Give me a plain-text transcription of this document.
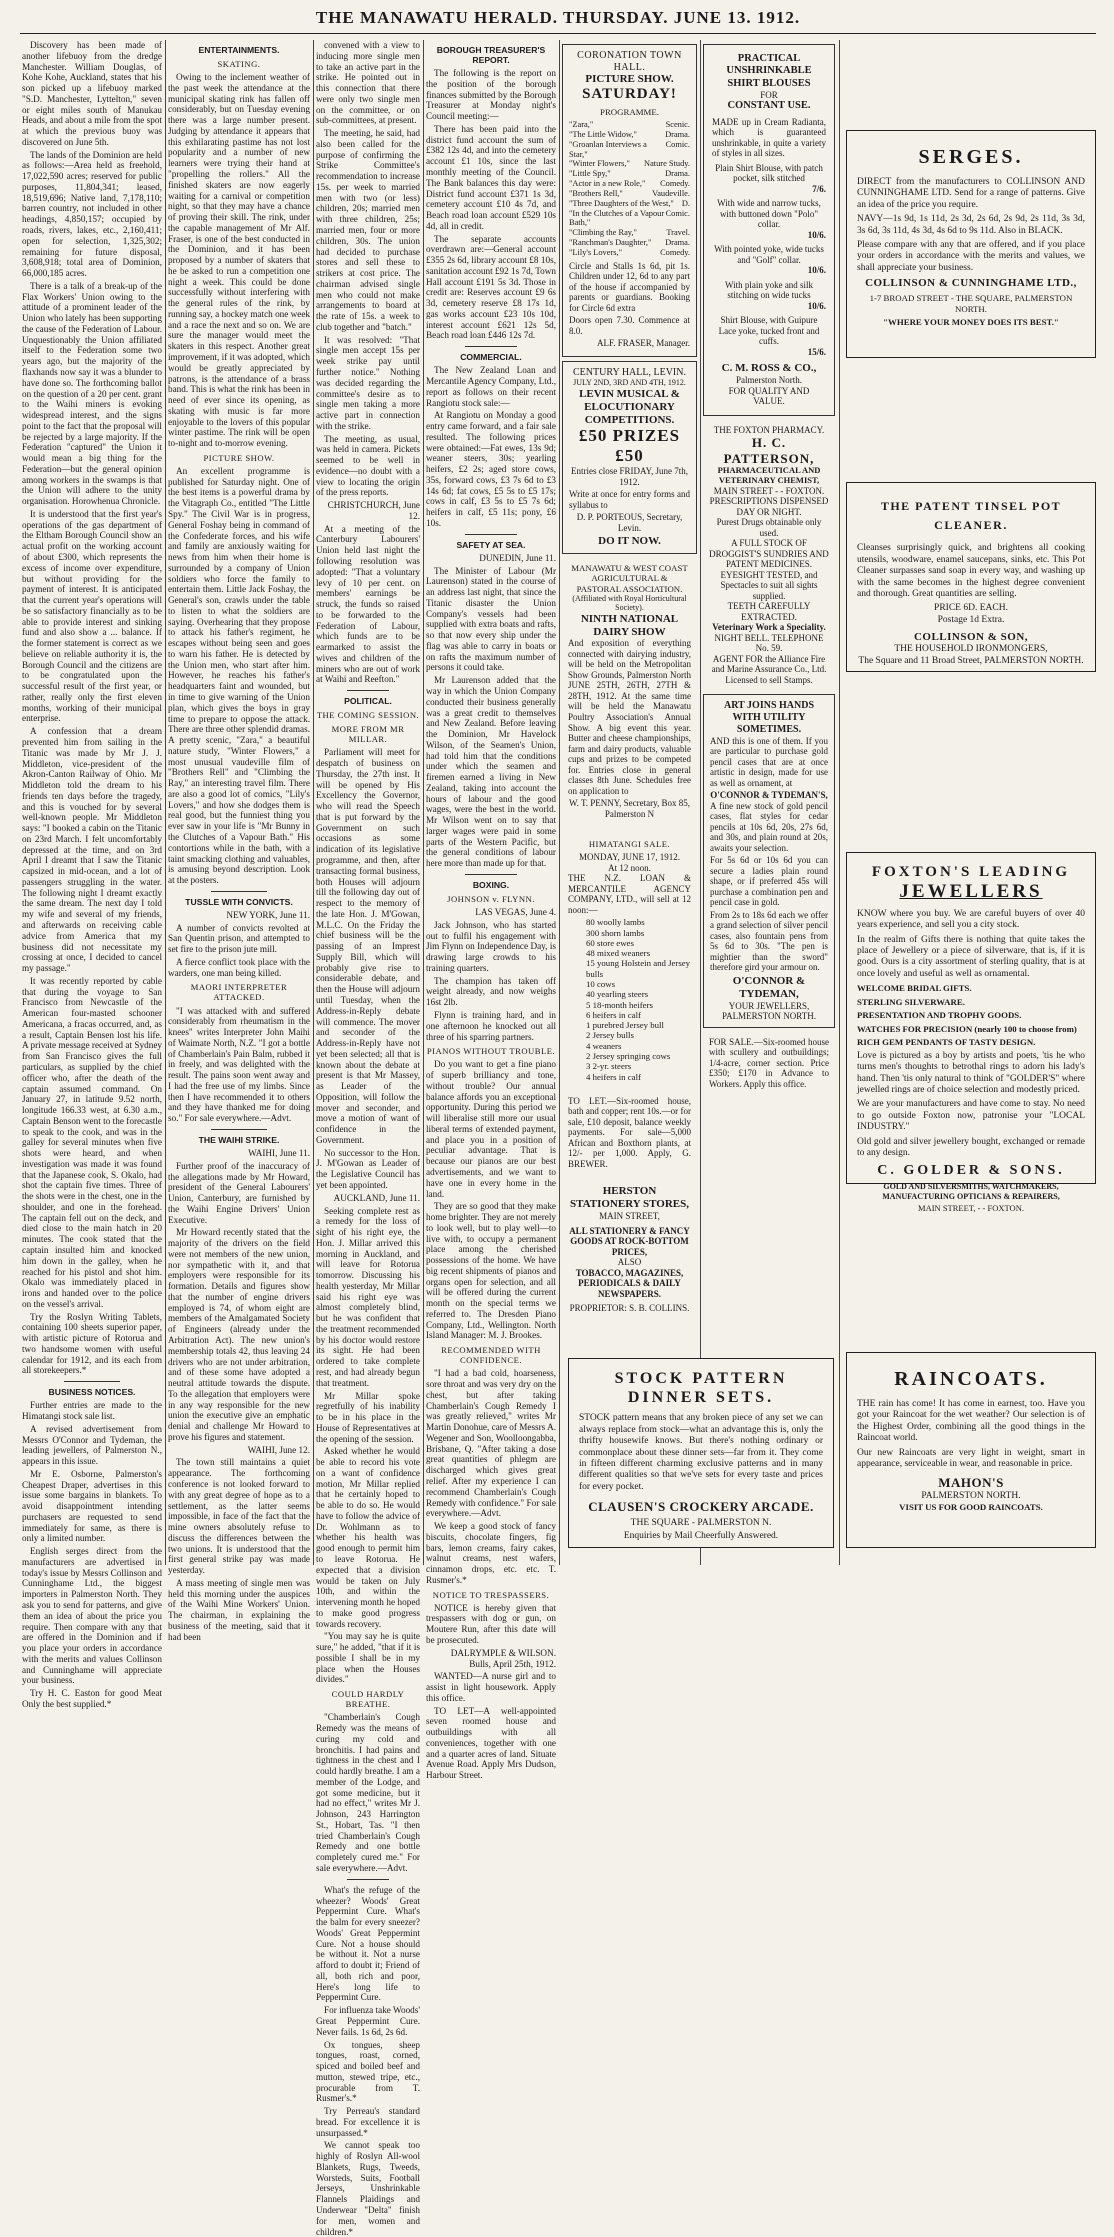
THE MANAWATU HERALD. THURSDAY. JUNE 13. 1912.

Discovery has been made of another lifebuoy from the dredge Manchester. William Douglas, of Kohe Kohe, Auckland, states that his son picked up a lifebuoy marked "S.D. Manchester, Lyttelton," seven or eight miles south of Manukau Heads, and about a mile from the spot at which the previous buoy was discovered on June 5th.

The lands of the Dominion are held as follows:—Area held as freehold, 17,022,590 acres; reserved for public purposes, 11,804,341; leased, 18,519,696; Native land, 7,178,110; barren country, not included in other headings, 4,850,157; occupied by roads, rivers, lakes, etc., 2,160,411; open for selection, 1,325,302; remaining for future disposal, 3,608,918; total area of Dominion, 66,000,185 acres.

There is a talk of a break-up of the Flax Workers' Union owing to the attitude of a prominent leader of the Union who lately has been supporting the cause of the Federation of Labour. Unquestionably the Union affiliated itself to the Federation some two years ago, but the majority of the flaxhands now say it was a blunder to have done so. The forthcoming ballot on the question of a 20 per cent. grant to the Waihi miners is evoking widespread interest, and the signs point to the fact that the proposal will be rejected by a large majority. If the Federation "captured" the Union it would mean a big thing for the Federation—but the general opinion among workers in the swamps is that the Union will adhere to the unity organisation. Horowhenua Chronicle.

It is understood that the first year's operations of the gas department of the Eltham Borough Council show an actual profit on the working account of about £300, which represents the excess of income over expenditure, but without providing for the payment of interest. It is anticipated that the current year's operations will be so satisfactory financially as to be able to provide interest and sinking fund and also show a ... balance. If the former statement is correct as we believe on reliable authority it is, the Borough Council and the citizens are to be congratulated upon the successful result of the first year, or rather, really only the first eleven months, working of their municipal enterprise.

A confession that a dream prevented him from sailing in the Titanic was made by Mr J. J. Middleton, vice-president of the Akron-Canton Railway of Ohio. Mr Middleton told the dream to his friends ten days before the tragedy, and this is vouched for by several well-known people. Mr Middleton says: "I booked a cabin on the Titanic on 23rd March. I felt uncomfortably depressed at the time, and on 3rd April I dreamt that I saw the Titanic capsized in mid-ocean, and a lot of passengers struggling in the water. The following night I dreamt exactly the same dream. The next day I told my wife and several of my friends, and afterwards on receiving cable advice from America that my business did not necessitate my crossing at once, I decided to cancel my passage."

It was recently reported by cable that during the voyage to San Francisco from Newcastle of the American four-masted schooner Americana, a fracas occurred, and, as a result, Captain Bensen lost his life. A private message received at Sydney from San Francisco gives the full particulars, as supplied by the chief officer who, after the death of the captain assumed command. On January 27, in latitude 9.52 north, longitude 166.33 west, at 6.30 a.m., Captain Benson went to the forecastle to speak to the cook, and was in the galley for several minutes when five shots were heard, and when investigation was made it was found that the Japanese cook, S. Okalo, had shot the captain five times. Three of the shots were in the chest, one in the shoulder, and one in the forehead. The captain fell out on the deck, and died close to the main hatch in 20 minutes. The cook stated that the captain insulted him and knocked him down in the galley, when he reached for his pistol and shot him. Okalo was immediately placed in irons and handed over to the police on the vessel's arrival.

Try the Roslyn Writing Tablets, containing 100 sheets superior paper, with artistic picture of Rotorua and two handsome women with useful calendar for 1912, and its each from all storekeepers.*

BUSINESS NOTICES.

Further entries are made to the Himatangi stock sale list.

A revised advertisement from Messrs O'Connor and Tydeman, the leading jewellers, of Palmerston N., appears in this issue.

Mr E. Osborne, Palmerston's Cheapest Draper, advertises in this issue some bargains in blankets. To avoid disappointment intending purchasers are requested to send immediately for same, as there is only a limited number.

English serges direct from the manufacturers are advertised in today's issue by Messrs Collinson and Cunninghame Ltd., the biggest importers in Palmerston North. They ask you to send for patterns, and give them an idea of about the price you require. Then compare with any that are offered in the Dominion and if you place your orders in accordance with the merits and values Collinson and Cunninghame will appreciate your business.

Try H. C. Easton for good Meat Only the best supplied.*

ENTERTAINMENTS.
SKATING.

Owing to the inclement weather of the past week the attendance at the municipal skating rink has fallen off considerably, but on Tuesday evening there was a large number present. Judging by attendance it appears that this exhilarating pastime has not lost popularity and a number of new learners were trying their hand at "propelling the rollers." All the finished skaters are now eagerly waiting for a carnival or competition night, so that they may have a chance of proving their skill. The rink, under the capable management of Mr Alf. Fraser, is one of the best conducted in the Dominion, and it has been proposed by a number of skaters that he be asked to run a competition one night a week. This could be done successfully without interfering with the general rules of the rink, by running say, a hockey match one week and a race the next and so on. We are sure the manager would meet the skaters in this respect. Another great improvement, if it was adopted, which would be greatly appreciated by patrons, is the attendance of a brass band. This is what the rink has been in need of ever since its opening, as skating with music is far more enjoyable to the lovers of this popular winter pastime. The rink will be open to-night and to-morrow evening.

PICTURE SHOW.

An excellent programme is published for Saturday night. One of the best items is a powerful drama by the Vitagraph Co., entitled "The Little Spy." The Civil War is in progress, General Foshay being in command of the Confederate forces, and his wife and family are anxiously waiting for news from him when their home is surrounded by a company of Union soldiers who force the family to entertain them. Little Jack Foshay, the General's son, crawls under the table to listen to what the soldiers are saying. Overhearing that they propose to attack his father's regiment, he escapes without being seen and goes to warn his father. He is detected by the Union men, who start after him. However, he reaches his father's headquarters faint and wounded, but in time to give warning of the Union plan, which gives the boys in gray time to prepare to oppose the attack. There are three other splendid dramas. A pretty scenic, "Zara," a beautiful nature study, "Winter Flowers," a most unusual vaudeville film of "Brothers Rell" and "Climbing the Ray," an interesting travel film. There are also a good lot of comics, "Lily's Lovers," and how she dodges them is real good, but the funniest thing you ever saw in your life is "Mr Bunny in the Clutches of a Vapour Bath." His contortions while in the bath, with a taint smacking clothing and valuables, is amusing beyond description. Look at the posters.

TUSSLE WITH CONVICTS.

NEW YORK, June 11.

A number of convicts revolted at San Quentin prison, and attempted to set fire to the prison jute mill.

A fierce conflict took place with the warders, one man being killed.

MAORI INTERPRETER ATTACKED.

"I was attacked with and suffered considerably from rheumatism in the knees" writes Interpreter John Maihi of Waimate North, N.Z. "I got a bottle of Chamberlain's Pain Balm, rubbed it in freely, and was delighted with the result. The pains soon went away and I had the free use of my limbs. Since then I have recommended it to others and they have thanked me for doing so." For sale everywhere.—Advt.

THE WAIHI STRIKE.

WAIHI, June 11.

Further proof of the inaccuracy of the allegations made by Mr Howard, president of the General Labourers' Union, Canterbury, are furnished by the Waihi Engine Drivers' Union Executive.

Mr Howard recently stated that the majority of the drivers on the field were not members of the new union, nor sympathetic with it, and that employers were responsible for its formation. Details and figures show that the number of engine drivers employed is 74, of whom eight are members of the Amalgamated Society of Engineers (already under the Arbitration Act). The new union's membership totals 42, thus leaving 24 drivers who are not under arbitration, and of these some have adopted a neutral attitude towards the dispute. To the allegation that employers were in any way responsible for the new union the executive give an emphatic denial and challenge Mr Howard to prove his figures and statement.

WAIHI, June 12.

The town still maintains a quiet appearance. The forthcoming conference is not looked forward to with any great degree of hope as to a settlement, as the latter seems impossible, in face of the fact that the mine owners absolutely refuse to discuss the differences between the two unions. It is understood that the first general strike pay was made yesterday.

A mass meeting of single men was held this morning under the auspices of the Waihi Mine Workers' Union. The chairman, in explaining the business of the meeting, said that it had been

convened with a view to inducing more single men to take an active part in the strike. He pointed out in this connection that there were only two single men on the committee, or on sub-committees, at present.

The meeting, he said, had also been called for the purpose of confirming the Strike Committee's recommendation to increase 15s. per week to married men with two (or less) children, 20s; married men with three children, 25s; married men, four or more children, 30s. The union had decided to purchase stores and sell these to strikers at cost price. The chairman advised single men who could not make arrangements to board at the rate of 15s. a week to club together and "batch."

It was resolved: "That single men accept 15s per week strike pay until further notice." Nothing was decided regarding the committee's desire as to single men taking a more active part in connection with the strike.

The meeting, as usual, was held in camera. Pickets seemed to be well in evidence—no doubt with a view to locating the origin of the press reports.

CHRISTCHURCH, June 12.

At a meeting of the Canterbury Labourers' Union held last night the following resolution was adopted: "That a voluntary levy of 10 per cent. on members' earnings be struck, the funds so raised to be forwarded to the Federation of Labour, which funds are to be earmarked to assist the wives and children of the miners who are out of work at Waihi and Reefton."

POLITICAL.
THE COMING SESSION.
MORE FROM MR MILLAR.

Parliament will meet for despatch of business on Thursday, the 27th inst. It will be opened by His Excellency the Governor, who will read the Speech that is put forward by the Government on such occasions as some indication of its legislative programme, and then, after transacting formal business, both Houses will adjourn till the following day out of respect to the memory of the late Hon. J. M'Gowan, M.L.C. On the Friday the chief business will be the passing of an Imprest Supply Bill, which will probably give rise to considerable debate, and then the House will adjourn until Tuesday, when the Address-in-Reply debate will commence. The mover and seconder of the Address-in-Reply have not yet been selected; all that is known about the debate at present is that Mr Massey, as Leader of the Opposition, will follow the mover and seconder, and move a motion of want of confidence in the Government.

No successor to the Hon. J. M'Gowan as Leader of the Legislative Council has yet been appointed.

AUCKLAND, June 11.

Seeking complete rest as a remedy for the loss of sight of his right eye, the Hon. J. Millar arrived this morning in Auckland, and will leave for Rotorua tomorrow. Discussing his health yesterday, Mr Millar said his right eye was almost completely blind, but he was confident that the treatment recommended by his doctor would restore its sight. He had been ordered to take complete rest, and had already begun that treatment.

Mr Millar spoke regretfully of his inability to be in his place in the House of Representatives at the opening of the session.

Asked whether he would be able to record his vote on a want of confidence motion, Mr Millar replied that he certainly hoped to be able to do so. He would have to follow the advice of Dr. Wohlmann as to whether his health was good enough to permit him to leave Rotorua. He expected that a division would be taken on July 10th, and within the intervening month he hoped to make good progress towards recovery.

"You may say he is quite sure," he added, "that if it is possible I shall be in my place when the Houses divides."

COULD HARDLY BREATHE.

"Chamberlain's Cough Remedy was the means of curing my cold and bronchitis. I had pains and tightness in the chest and I could hardly breathe. I am a member of the Lodge, and got some medicine, but it had no effect," writes Mr J. Johnson, 243 Harrington St., Hobart, Tas. "I then tried Chamberlain's Cough Remedy and one bottle completely cured me." For sale everywhere.—Advt.

What's the refuge of the wheezer? Woods' Great Peppermint Cure. What's the balm for every sneezer? Woods' Great Peppermint Cure. Not a house should be without it. Not a nurse afford to doubt it; Friend of all, both rich and poor, Here's long life to Peppermint Cure.

For influenza take Woods' Great Peppermint Cure. Never fails. 1s 6d, 2s 6d.

Ox tongues, sheep tongues, roast, corned, spiced and boiled beef and mutton, stewed tripe, etc., procurable from T. Rusmer's.*

Try Perreau's standard bread. For excellence it is unsurpassed.*

We cannot speak too highly of Roslyn All-wool Blankets, Rugs, Tweeds, Worsteds, Suits, Football Jerseys, Unshrinkable Flannels Plaidings and Underwear "Delta" finish for men, women and children.*

BOROUGH TREASURER'S REPORT.

The following is the report on the position of the borough finances submitted by the Borough Treasurer at Monday night's Council meeting:—

There has been paid into the district fund account the sum of £382 12s 4d, and into the cemetery account £1 10s, since the last monthly meeting of the Council. The Bank balances this day were: District fund account £371 1s 3d, cemetery account £10 4s 7d, and Beach road loan account £529 10s 4d, all in credit.

The separate accounts overdrawn are:—General account £355 2s 6d, library account £8 10s, sanitation account £92 1s 7d, Town Hall account £191 5s 3d. Those in credit are: Reserves account £9 6s 3d, cemetery reserve £8 17s 1d, gas works account £23 10s 10d, interest account £621 12s 5d, Beach road loan £446 12s 7d.

COMMERCIAL.

The New Zealand Loan and Mercantile Agency Company, Ltd., report as follows on their recent Rangiotu stock sale:—

At Rangiotu on Monday a good entry came forward, and a fair sale resulted. The following prices were obtained:—Fat ewes, 13s 9d; weaner steers, 30s; yearling heifers, £2 2s; aged store cows, 35s, forward cows, £3 7s 6d to £3 14s 6d; fat cows, £5 5s to £5 17s; cows in calf, £3 5s to £5 7s 6d; heifers in calf, £5 11s; pony, £6 10s.

SAFETY AT SEA.

DUNEDIN, June 11.

The Minister of Labour (Mr Laurenson) stated in the course of an address last night, that since the Titanic disaster the Union Company's vessels had been supplied with extra boats and rafts, so that now every ship under the flag was able to carry in boats or on rafts the maximum number of persons it could take.

Mr Laurenson added that the way in which the Union Company conducted their business generally was a great credit to themselves and New Zealand. Before leaving the Dominion, Mr Havelock Wilson, of the Seamen's Union, had told him that the conditions under which the seamen and firemen earned a living in New Zealand, taking into account the hours of labour and the good wages, were the best in the world. Mr Wilson went on to say that larger wages were paid in some parts of the Western Pacific, but the general conditions of labour here more than made up for that.

BOXING.
JOHNSON v. FLYNN.

LAS VEGAS, June 4.

Jack Johnson, who has started out to fulfil his engagement with Jim Flynn on Independence Day, is drawing large crowds to his training quarters.

The champion has taken off weight already, and now weighs 16st 2lb.

Flynn is training hard, and in one afternoon he knocked out all three of his sparring partners.

PIANOS WITHOUT TROUBLE.

Do you want to get a fine piano of superb brilliancy and tone, without trouble? Our annual balance affords you an exceptional opportunity. During this period we will liberalise still more our usual liberal terms of extended payment, and place you in a position of peculiar advantage. That is because our pianos are our best advertisements, and we want to have one in every home in the land.

They are so good that they make home brighter. They are not merely to look well, but to play well—to live with, to occupy a permanent place among the cherished possessions of the home. We have big recent shipments of pianos and organs open for selection, and all will be offered during the current month on the special terms we referred to. The Dresden Piano Company, Ltd., Wellington. North Island Manager: M. J. Brookes.

RECOMMENDED WITH CONFIDENCE.

"I had a bad cold, hoarseness, sore throat and was very dry on the chest, but after taking Chamberlain's Cough Remedy I was greatly relieved," writes Mr Martin Donohue, care of Messrs A. Wegener and Son, Woolloongabba, Brisbane, Q. "After taking a dose great quantities of phlegm are discharged which gives great relief. After my experience I can recommend Chamberlain's Cough Remedy with confidence." For sale everywhere.—Advt.

We keep a good stock of fancy biscuits, chocolate fingers, fig bars, lemon creams, fairy cakes, walnut creams, nest wafers, cinnamon drops, etc. etc. T. Rusmer's.*

NOTICE TO TRESPASSERS.

NOTICE is hereby given that trespassers with dog or gun, on Moutere Run, after this date will be prosecuted.

DALRYMPLE & WILSON. Bulls, April 25th, 1912.

WANTED—A nurse girl and to assist in light housework. Apply this office.

TO LET—A well-appointed seven roomed house and outbuildings with all conveniences, together with one and a quarter acres of land. Situate Avenue Road. Apply Mrs Dudson, Harbour Street.

CORONATION TOWN HALL.
PICTURE SHOW.
SATURDAY!
PROGRAMME.
"Zara,"	Scenic.
"The Little Widow,"	Drama.
"Groanlan Interviews a Star,"
Comic.
"Winter Flowers," Nature Study.
"Little Spy,"	Drama.
"Actor in a new Role," Comedy.
"Brothers Rell,"	Vaudeville.
"Three Daughters of the West," D.
"In the Clutches of a Vapour Bath,"
Comic.
"Climbing the Ray,"	Travel.
"Ranchman's Daughter," Drama.
"Lily's Lovers,"	Comedy.

Circle and Stalls 1s 6d, pit 1s. Children under 12, 6d to any part of the house if accompanied by parents or guardians. Booking for Circle 6d extra

Doors open 7.30. Commence at 8.0.

ALF. FRASER, Manager.

CENTURY HALL, LEVIN.
JULY 2ND, 3RD AND 4TH, 1912.
LEVIN MUSICAL & ELOCUTIONARY COMPETITIONS.
£50 PRIZES £50

Entries close FRIDAY, June 7th, 1912.

Write at once for entry forms and syllabus to

D. P. PORTEOUS, Secretary, Levin.

DO IT NOW.
MANAWATU & WEST COAST AGRICULTURAL & PASTORAL ASSOCIATION.
(Affiliated with Royal Horticultural Society).
NINTH NATIONAL DAIRY SHOW

And exposition of everything connected with dairying industry, will be held on the Metropolitan Show Grounds, Palmerston North JUNE 25TH, 26TH, 27TH & 28TH, 1912. At the same time will be held the Manawatu Poultry Association's Annual Show. A big event this year. Butter and cheese championships, farm and dairy products, valuable cups and prizes to be competed for. Entries close in general classes 8th June. Schedules free on application to

W. T. PENNY, Secretary, Box 85, Palmerston N

HIMATANGI SALE.
MONDAY, JUNE 17, 1912.
At 12 noon.

THE N.Z. LOAN & MERCANTILE AGENCY COMPANY, LTD., will sell at 12 noon:—

80 woolly lambs
300 shorn lambs
60 store ewes
48 mixed weaners
15 young Holstein and Jersey bulls
10 cows
40 yearling steers
5 18-month heifers
6 heifers in calf
1 purebred Jersey bull
2 Jersey bulls
4 weaners
2 Jersey springing cows
3 2-yr. steers
4 heifers in calf

TO LET.—Six-roomed house, bath and copper; rent 10s.—or for sale, £10 deposit, balance weekly payments. For sale—5,000 African and Boxthorn plants, at 12/- per 1,000. Apply, G. BREWER.

HERSTON STATIONERY STORES,
MAIN STREET,
ALL STATIONERY & FANCY GOODS AT ROCK-BOTTOM PRICES,
ALSO
TOBACCO, MAGAZINES, PERIODICALS & DAILY NEWSPAPERS.
PROPRIETOR: S. B. COLLINS.
PRACTICAL UNSHRINKABLE SHIRT BLOUSES
FOR
CONSTANT USE.

MADE up in Cream Radianta, which is guaranteed unshrinkable, in quite a variety of styles in all sizes.

Plain Shirt Blouse, with patch pocket, silk stitched
7/6.
With wide and narrow tucks, with buttoned down "Polo" collar.
10/6.
With pointed yoke, wide tucks and "Golf" collar.
10/6.
With plain yoke and silk stitching on wide tucks
10/6.
Shirt Blouse, with Guipure Lace yoke, tucked front and cuffs.
15/6.
C. M. ROSS & CO.,
Palmerston North.
FOR QUALITY AND VALUE.
THE FOXTON PHARMACY.
H. C. PATTERSON,
PHARMACEUTICAL AND VETERINARY CHEMIST,
MAIN STREET - - FOXTON.
PRESCRIPTIONS DISPENSED DAY OR NIGHT.
Purest Drugs obtainable only used.
A FULL STOCK OF DROGGIST'S SUNDRIES AND PATENT MEDICINES.
EYESIGHT TESTED, and Spectacles to suit all sights supplied.
TEETH CAREFULLY EXTRACTED.
Veterinary Work a Speciality.
NIGHT BELL. TELEPHONE No. 59.
AGENT FOR the Alliance Fire and Marine Assurance Co., Ltd.
Licensed to sell Stamps.
ART JOINS HANDS WITH UTILITY SOMETIMES.

AND this is one of them. If you are particular to purchase gold pencil cases that are at once artistic in design, made for use as well as ornament, at

O'CONNOR & TYDEMAN'S,

A fine new stock of gold pencil cases, flat styles for cedar pencils at 10s 6d, 20s, 27s 6d, and 30s, and plain round at 20s, awaits your selection.

For 5s 6d or 10s 6d you can secure a ladies plain round shape, or if preferred 45s will purchase a combination pen and pencil case in gold.

From 2s to 18s 6d each we offer a grand selection of silver pencil cases, also fountain pens from 5s 6d to 30s. "The pen is mightier than the sword" therefore gird your armour on.

O'CONNOR &
TYDEMAN,
YOUR JEWELLERS, PALMERSTON NORTH.

FOR SALE.—Six-roomed house with scullery and outbuildings; 1/4-acre, corner section. Price £350; £170 in Advance to Workers. Apply this office.

STOCK PATTERN DINNER SETS.

STOCK pattern means that any broken piece of any set we can always replace from stock—what an advantage this is, only the thrifty housewife knows. But there's nothing ordinary or commonplace about these dinner sets—far from it. They come in fifteen different charming exclusive patterns and in many different qualities so that we've sets for every taste and prices for every pocket.

CLAUSEN'S CROCKERY ARCADE.
THE SQUARE - PALMERSTON N.
Enquiries by Mail Cheerfully Answered.
SERGES.

DIRECT from the manufacturers to COLLINSON AND CUNNINGHAME LTD. Send for a range of patterns. Give an idea of the price you require.

NAVY—1s 9d, 1s 11d, 2s 3d, 2s 6d, 2s 9d, 2s 11d, 3s 3d, 3s 6d, 3s 11d, 4s 3d, 4s 6d to 9s 11d. Also in BLACK.

Please compare with any that are offered, and if you place your orders in accordance with the merits and values, we shall appreciate your business.

COLLINSON & CUNNINGHAME LTD.,
1-7 BROAD STREET - THE SQUARE, PALMERSTON NORTH.
"WHERE YOUR MONEY DOES ITS BEST."
THE PATENT TINSEL POT CLEANER.

Cleanses surprisingly quick, and brightens all cooking utensils, woodware, enamel saucepans, sinks, etc. This Pot Cleaner surpasses sand soap in every way, and washing up with the same becomes in the highest degree convenient and thorough. Great quantities are selling.

PRICE 6D. EACH.
Postage 1d Extra.
COLLINSON & SON,
THE HOUSEHOLD IRONMONGERS,
The Square and 11 Broad Street, PALMERSTON NORTH.
FOXTON'S LEADING
JEWELLERS

KNOW where you buy. We are careful buyers of over 40 years experience, and sell you a city stock.

In the realm of Gifts there is nothing that quite takes the place of Jewellery or a piece of silverware, that is, if it is good. Ours is a city assortment of sterling quality, that is at once lovely and useful as well as ornamental.

WELCOME BRIDAL GIFTS.
STERLING SILVERWARE.
PRESENTATION AND TROPHY GOODS.
WATCHES FOR PRECISION (nearly 100 to choose from)
RICH GEM PENDANTS OF TASTY DESIGN.

Love is pictured as a boy by artists and poets, 'tis he who turns men's thoughts to betrothal rings to adorn his lady's hand. Then 'tis only natural to think of "GOLDER'S" where jewelled rings are of choice selection and modestly priced.

We are your manufacturers and have come to stay. No need to go outside Foxton now, patronise your "LOCAL INDUSTRY."

Old gold and silver jewellery bought, exchanged or remade to any design.

C. GOLDER & SONS.
GOLD AND SILVERSMITHS, WATCHMAKERS, MANUFACTURING OPTICIANS & REPAIRERS,
MAIN STREET, - - FOXTON.
RAINCOATS.

THE rain has come! It has come in earnest, too. Have you got your Raincoat for the wet weather? Our selection is of the Highest Order, combining all the good things in the Raincoat world.

Our new Raincoats are very light in weight, smart in appearance, serviceable in wear, and reasonable in price.

MAHON'S
PALMERSTON NORTH.
VISIT US FOR GOOD RAINCOATS.
